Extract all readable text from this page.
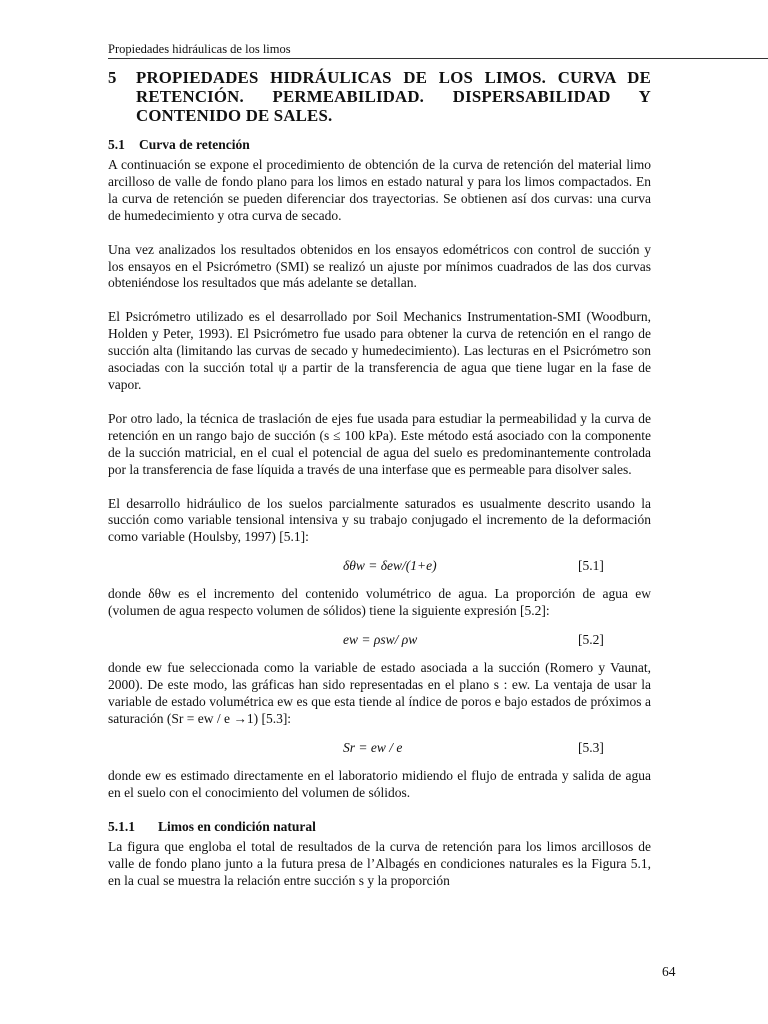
Propiedades hidráulicas de los limos
5	PROPIEDADES HIDRÁULICAS DE LOS LIMOS. CURVA DE RETENCIÓN. PERMEABILIDAD. DISPERSABILIDAD Y CONTENIDO DE SALES.
5.1 Curva de retención

A continuación se expone el procedimiento de obtención de la curva de retención del material limo arcilloso de valle de fondo plano para los limos en estado natural y para los limos compactados. En la curva de retención se pueden diferenciar dos trayectorias. Se obtienen así dos curvas: una curva de humedecimiento y otra curva de secado.

Una vez analizados los resultados obtenidos en los ensayos edométricos con control de succión y los ensayos en el Psicrómetro (SMI) se realizó un ajuste por mínimos cuadrados de las dos curvas obteniéndose los resultados que más adelante se detallan.

El Psicrómetro utilizado es el desarrollado por Soil Mechanics Instrumentation-SMI (Woodburn, Holden y Peter, 1993). El Psicrómetro fue usado para obtener la curva de retención en el rango de succión alta (limitando las curvas de secado y humedecimiento). Las lecturas en el Psicrómetro son asociadas con la succión total ψ a partir de la transferencia de agua que tiene lugar en la fase de vapor.

Por otro lado, la técnica de traslación de ejes fue usada para estudiar la permeabilidad y la curva de retención en un rango bajo de succión (s ≤ 100 kPa). Este método está asociado con la componente de la succión matricial, en el cual el potencial de agua del suelo es predominantemente controlada por la transferencia de fase líquida a través de una interfase que es permeable para disolver sales.

El desarrollo hidráulico de los suelos parcialmente saturados es usualmente descrito usando la succión como variable tensional intensiva y su trabajo conjugado el incremento de la deformación como variable (Houlsby, 1997) [5.1]:

δθw = δew/(1+e)	[5.1]

donde δθw es el incremento del contenido volumétrico de agua. La proporción de agua ew (volumen de agua respecto volumen de sólidos) tiene la siguiente expresión [5.2]:

ew = ρsw/ ρw	[5.2]

donde ew fue seleccionada como la variable de estado asociada a la succión (Romero y Vaunat, 2000). De este modo, las gráficas han sido representadas en el plano s : ew. La ventaja de usar la variable de estado volumétrica ew es que esta tiende al índice de poros e bajo estados de próximos a saturación (Sr = ew / e →1) [5.3]:

Sr = ew / e	[5.3]

donde ew es estimado directamente en el laboratorio midiendo el flujo de entrada y salida de agua en el suelo con el conocimiento del volumen de sólidos.

5.1.1 Limos en condición natural

La figura que engloba el total de resultados de la curva de retención para los limos arcillosos de valle de fondo plano junto a la futura presa de l’Albagés en condiciones naturales es la Figura 5.1, en la cual se muestra la relación entre succión s y la proporción

64
